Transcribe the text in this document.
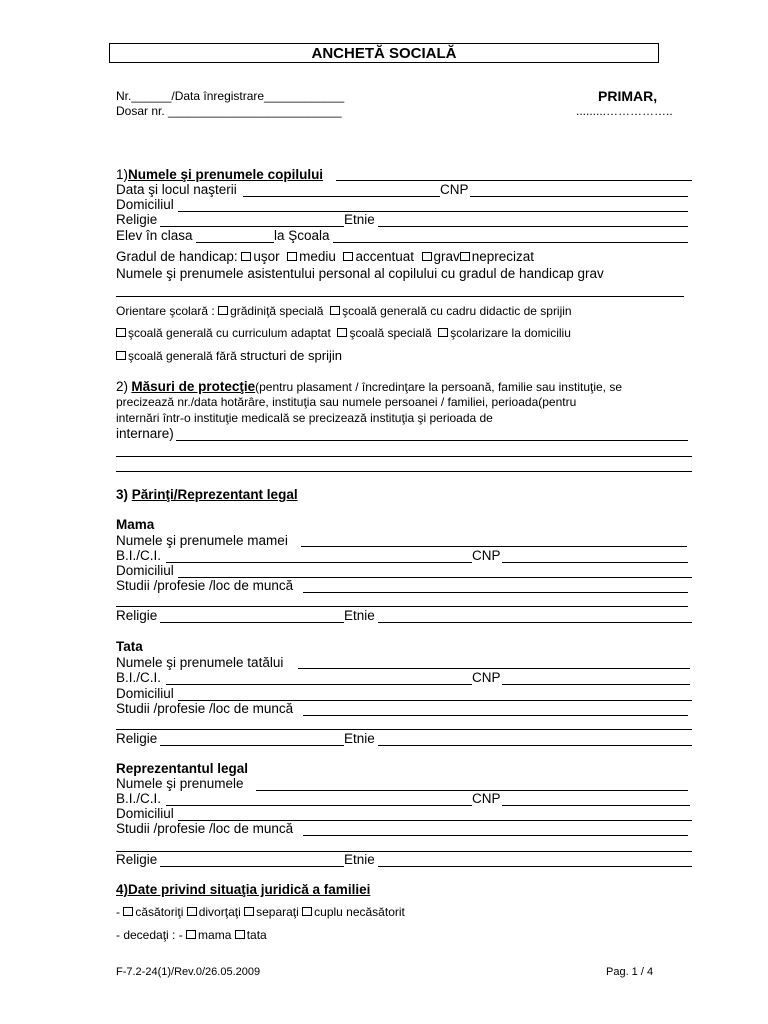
ANCHETĂ SOCIALĂ
Nr.______/Data înregistrare____________
Dosar nr. __________________________
PRIMAR,
.........……………..
1)Numele şi prenumele copilului
Data şi locul naşterii	CNP
Domiciliul
Religie	Etnie
Elev în clasa	la Şcoala
Gradul de handicap: uşor mediu accentuat grav neprecizat
Numele şi prenumele asistentului personal al copilului cu gradul de handicap grav
Orientare şcolară : grădiniţă specială şcoală generală cu cadru didactic de sprijin
şcoală generală cu curriculum adaptat şcoală specială şcolarizare la domiciliu
şcoală generală fără structuri de sprijin
2) Măsuri de protecţie(pentru plasament / încredinţare la persoană, familie sau instituţie, se
precizează nr./data hotărâre, instituţia sau numele persoanei / familiei, perioada(pentru
internări într-o instituţie medicală se precizează instituţia şi perioada de
internare)
3) Părinţi/Reprezentant legal
Mama
Numele şi prenumele mamei
B.I./C.I.	CNP
Domiciliul
Studii /profesie /loc de muncă
Religie	Etnie
Tata
Numele şi prenumele tatălui
B.I./C.I.	CNP
Domiciliul
Studii /profesie /loc de muncă
Religie	Etnie
Reprezentantul legal
Numele şi prenumele
B.I./C.I.	CNP
Domiciliul
Studii /profesie /loc de muncă
Religie	Etnie
4)Date privind situaţia juridică a familiei
- căsătoriţi divorţaţi separaţi cuplu necăsătorit
- decedaţi : - mama tata
F-7.2-24(1)/Rev.0/26.05.2009	Pag. 1 / 4
